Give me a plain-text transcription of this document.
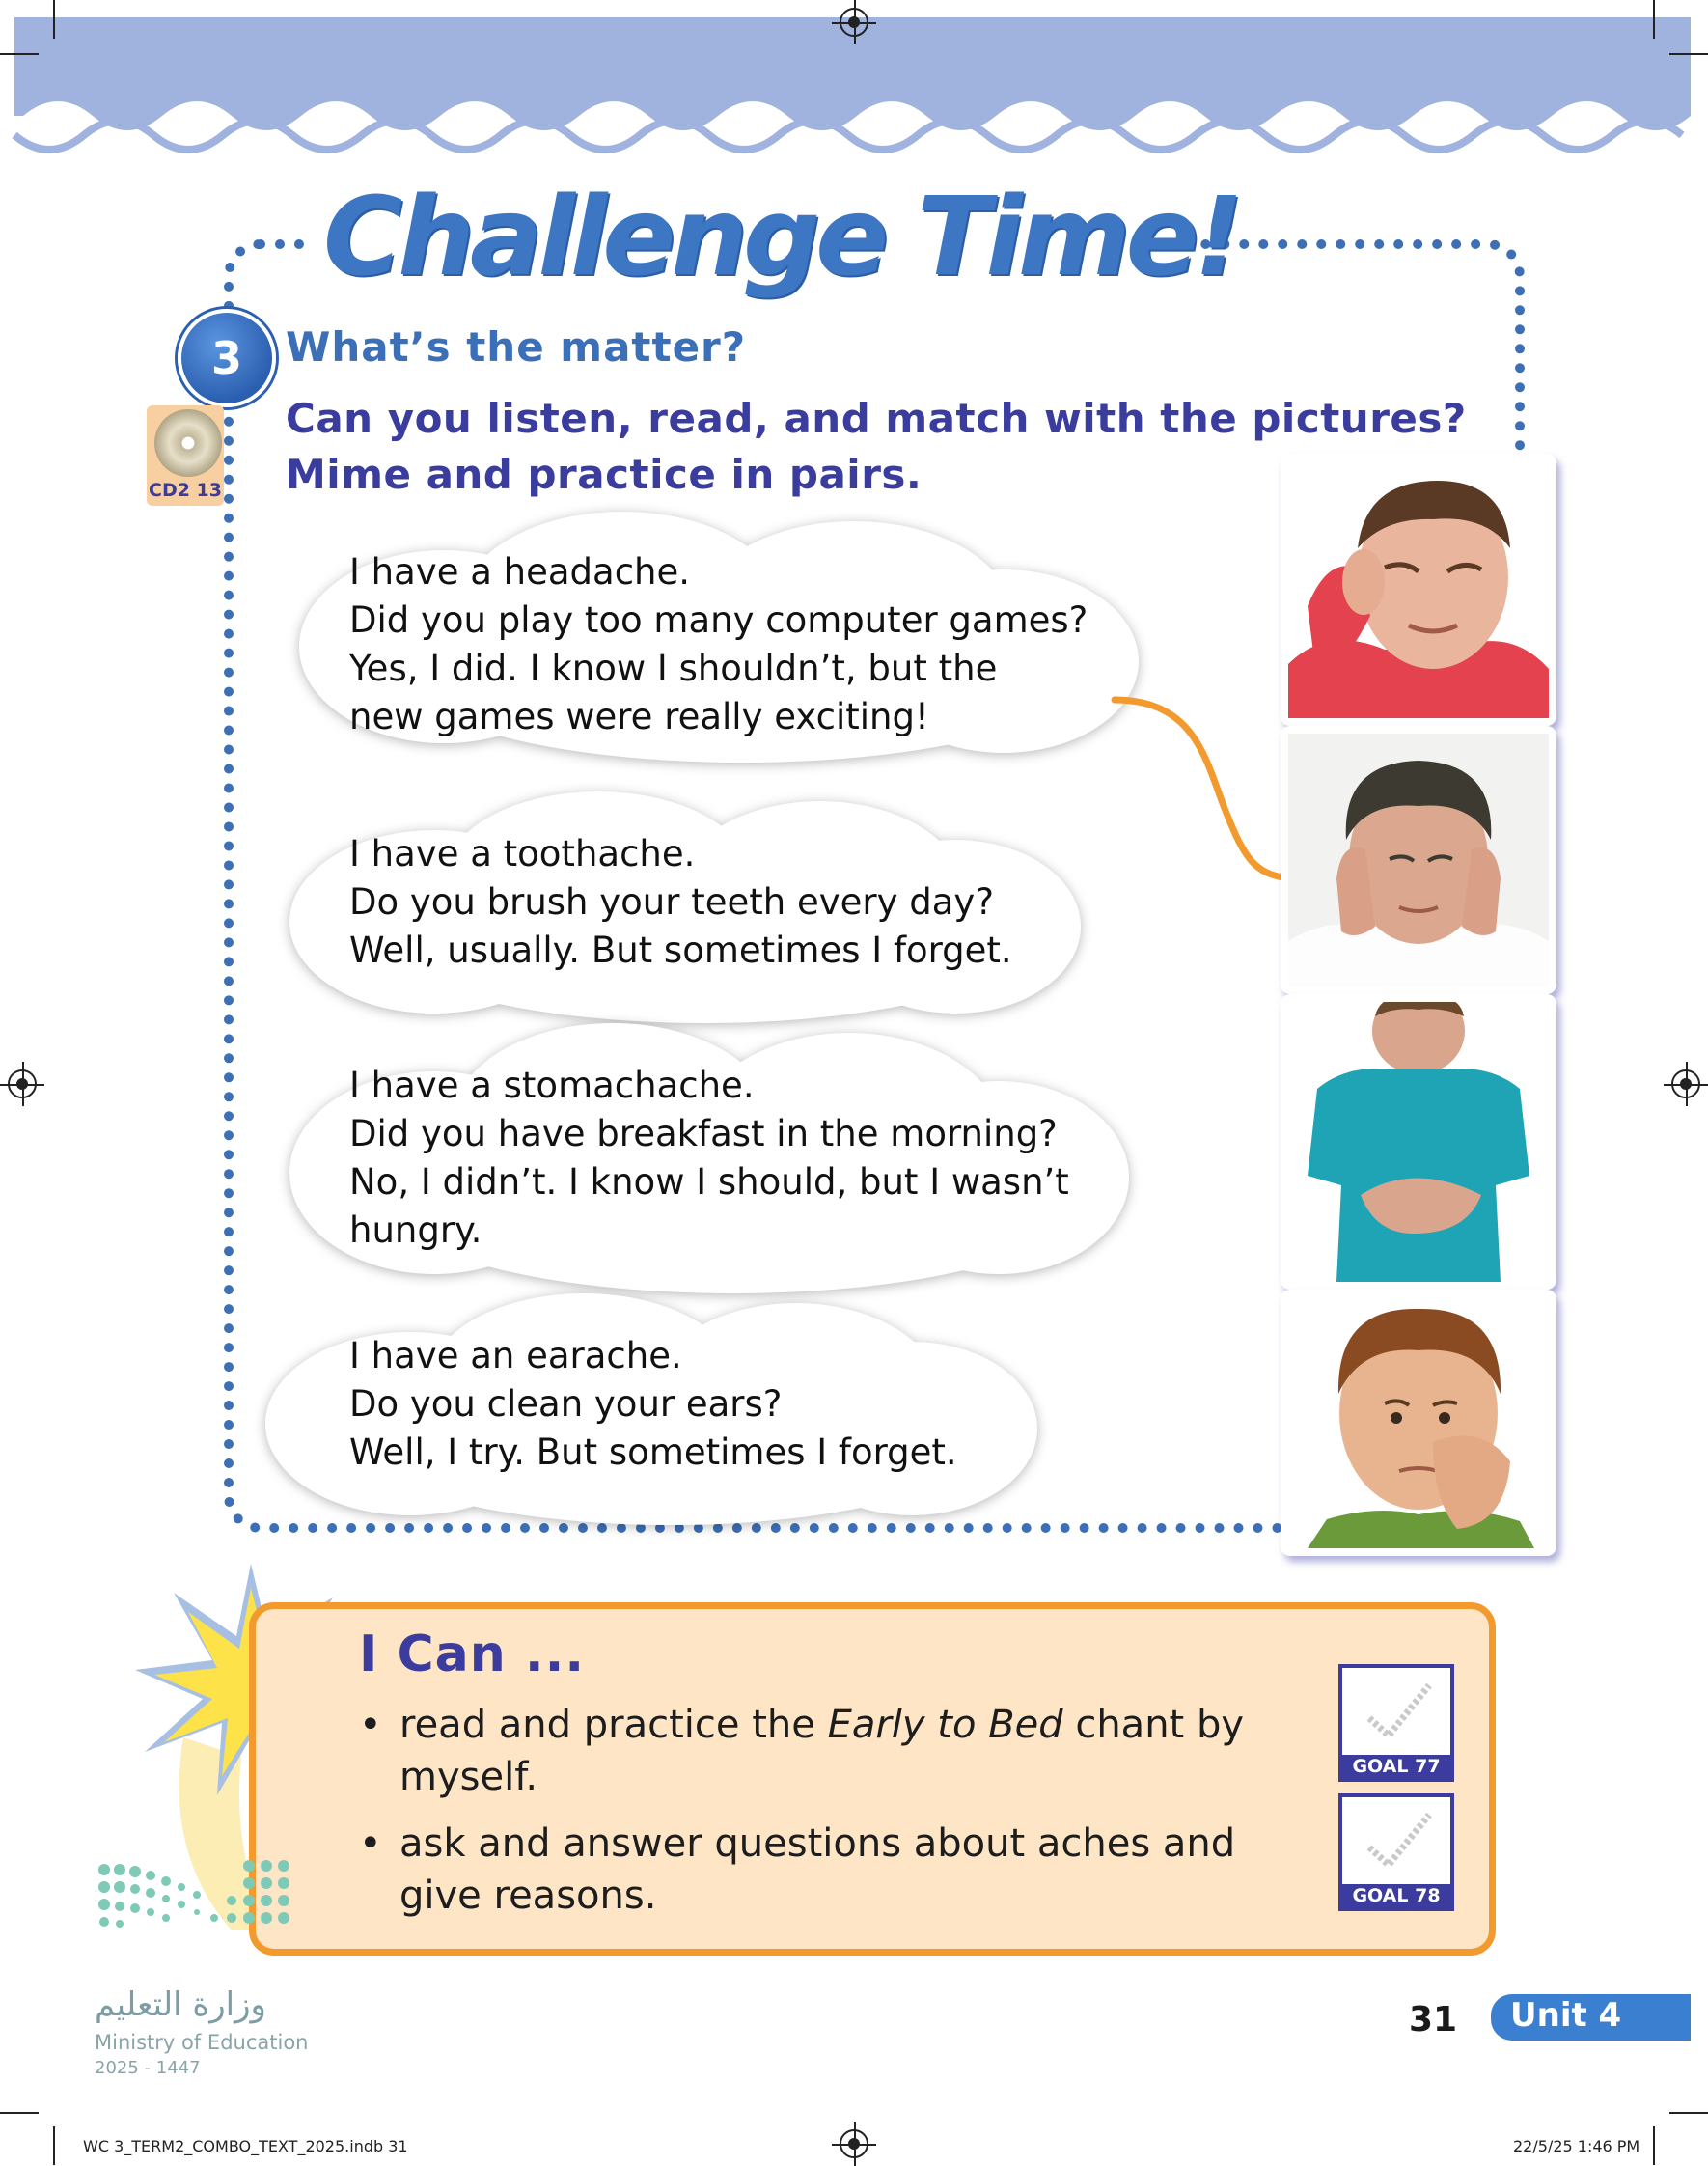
Challenge Time!
3	What’s the matter?
Can you listen, read, and match with the pictures?
Mime and practice in pairs.
CD2 13
I have a headache.
Did you play too many computer games?
Yes, I did. I know I shouldn’t, but the
new games were really exciting!
I have a toothache.
Do you brush your teeth every day?
Well, usually. But sometimes I forget.
I have a stomachache.
Did you have breakfast in the morning?
No, I didn’t. I know I should, but I wasn’t
hungry.
I have an earache.
Do you clean your ears?
Well, I try. But sometimes I forget.
I Can ...
• read and practice the Early to Bed chant by
myself.
• ask and answer questions about aches and
give reasons.
GOAL 77
GOAL 78
وزارة التعليم
Ministry of Education
2025 - 1447
31 Unit 4
WC 3_TERM2_COMBO_TEXT_2025.indb 31	22/5/25 1:46 PM
